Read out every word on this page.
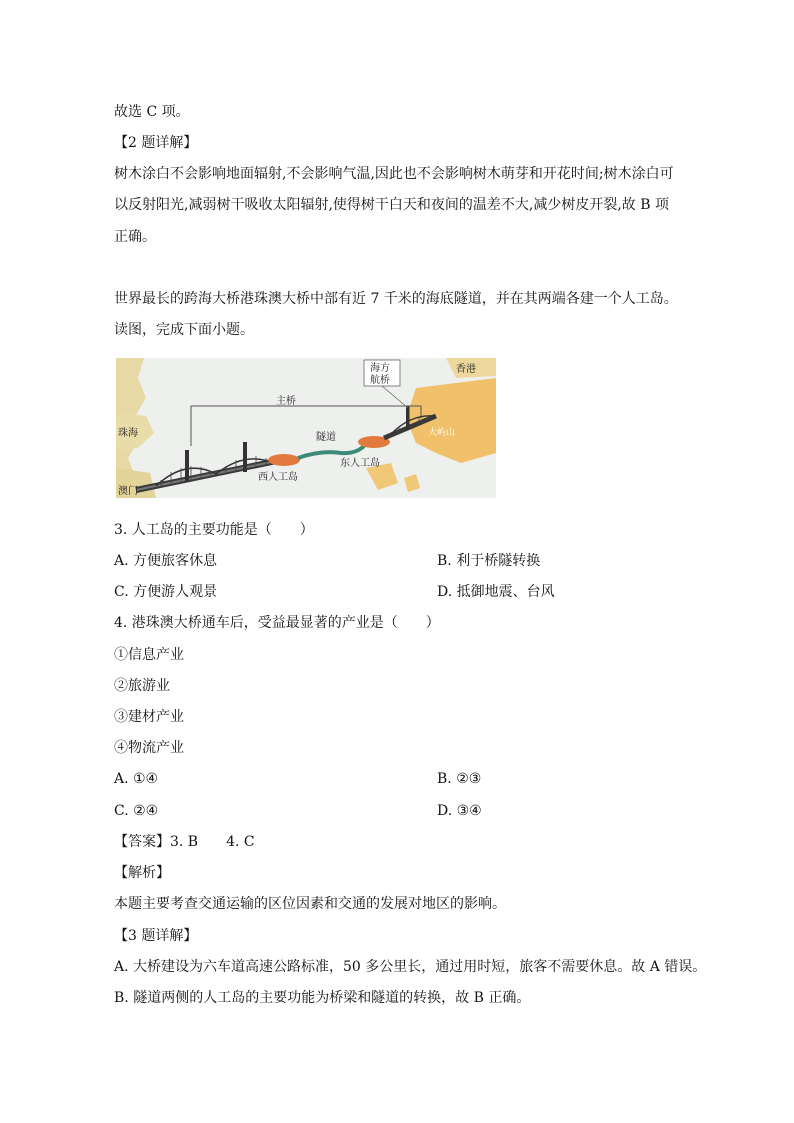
故选 C 项。
【2 题详解】
树木涂白不会影响地面辐射,不会影响气温,因此也不会影响树木萌芽和开花时间;树木涂白可
以反射阳光,减弱树干吸收太阳辐射,使得树干白天和夜间的温差不大,减少树皮开裂,故 B 项
正确。
世界最长的跨海大桥港珠澳大桥中部有近 7 千米的海底隧道，并在其两端各建一个人工岛。
读图，完成下面小题。
主桥
海方
航桥
香港
珠海	隧道	大屿山
东人工岛
西人工岛
澳门
3. 人工岛的主要功能是（　　）
A. 方便旅客休息	B. 利于桥隧转换
C. 方便游人观景	D. 抵御地震、台风
4. 港珠澳大桥通车后，受益最显著的产业是（　　）
①信息产业
②旅游业
③建材产业
④物流产业
A. ①④	B. ②③
C. ②④	D. ③④
【答案】3. B　　4. C
【解析】
本题主要考查交通运输的区位因素和交通的发展对地区的影响。
【3 题详解】
A. 大桥建设为六车道高速公路标准，50 多公里长，通过用时短，旅客不需要休息。故 A 错误。
B. 隧道两侧的人工岛的主要功能为桥梁和隧道的转换，故 B 正确。
